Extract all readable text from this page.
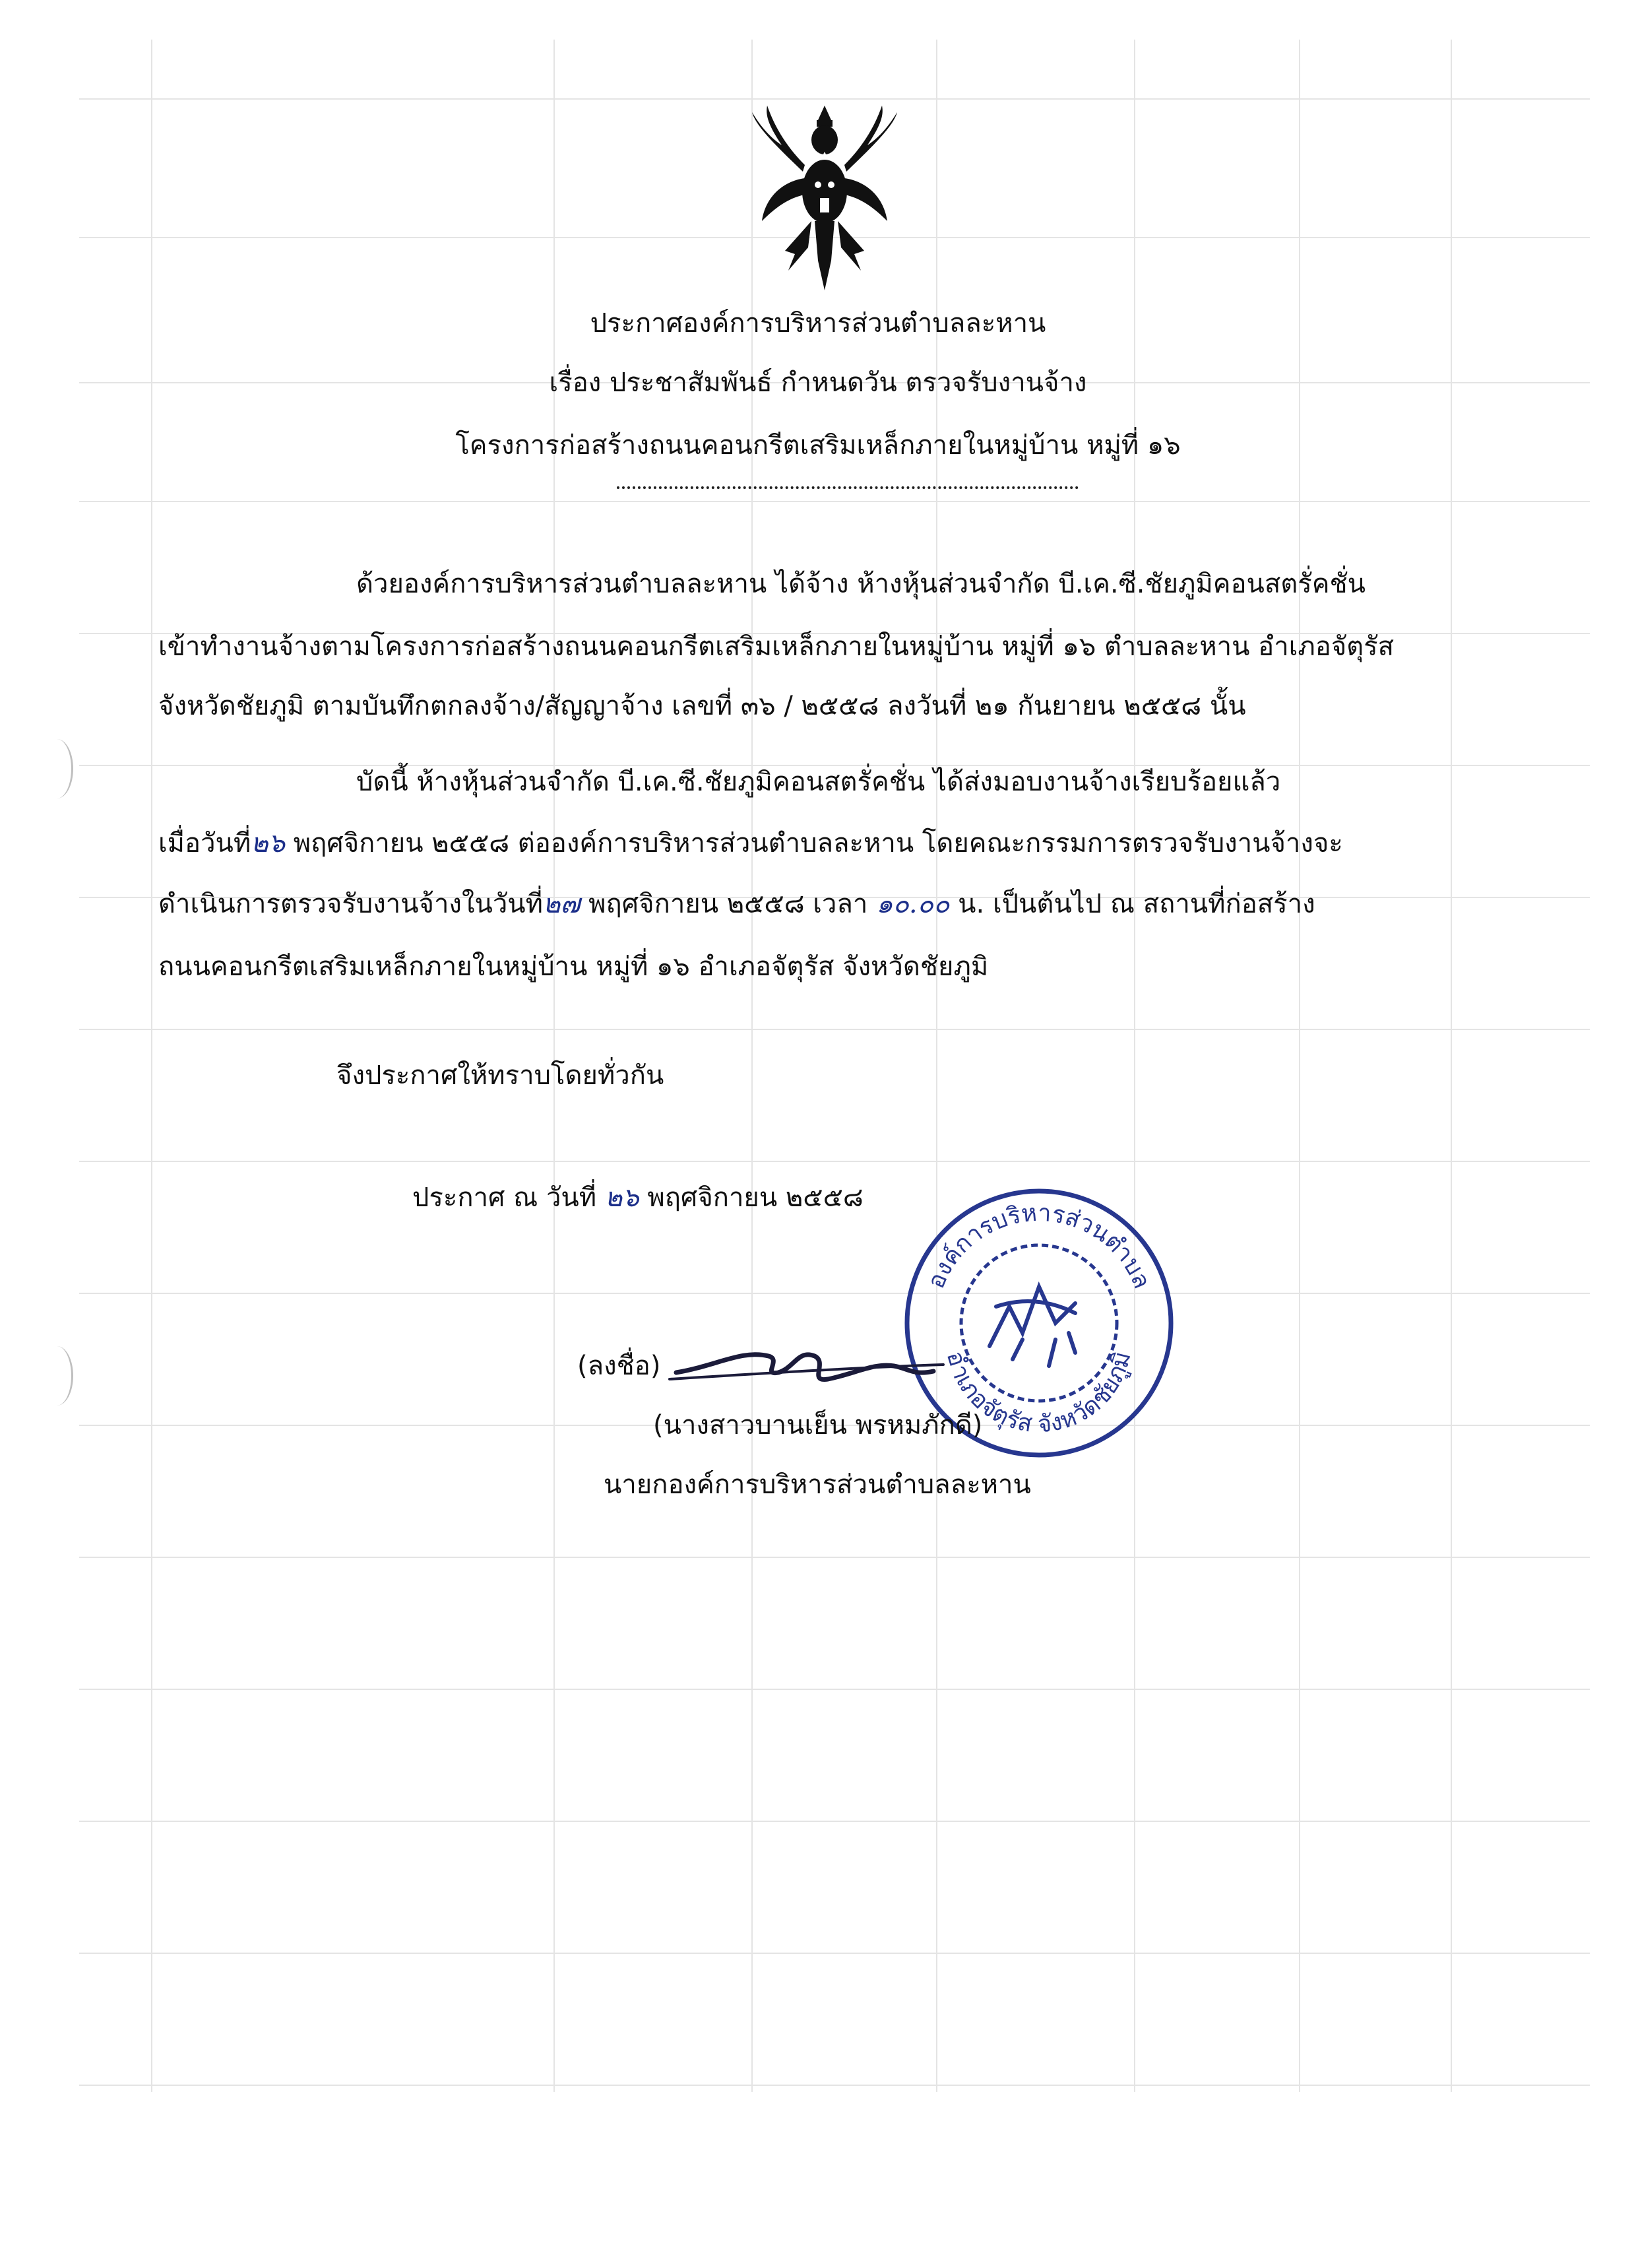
ประกาศองค์การบริหารส่วนตำบลละหาน
เรื่อง ประชาสัมพันธ์ กำหนดวัน ตรวจรับงานจ้าง
โครงการก่อสร้างถนนคอนกรีตเสริมเหล็กภายในหมู่บ้าน หมู่ที่ ๑๖
ด้วยองค์การบริหารส่วนตำบลละหาน ได้จ้าง ห้างหุ้นส่วนจำกัด บี.เค.ซี.ชัยภูมิคอนสตรั่คชั่น
เข้าทำงานจ้างตามโครงการก่อสร้างถนนคอนกรีตเสริมเหล็กภายในหมู่บ้าน หมู่ที่ ๑๖ ตำบลละหาน อำเภอจัตุรัส
จังหวัดชัยภูมิ ตามบันทึกตกลงจ้าง/สัญญาจ้าง เลขที่ ๓๖ / ๒๕๕๘ ลงวันที่ ๒๑ กันยายน ๒๕๕๘ นั้น
บัดนี้ ห้างหุ้นส่วนจำกัด บี.เค.ซี.ชัยภูมิคอนสตรั่คชั่น ได้ส่งมอบงานจ้างเรียบร้อยแล้ว
เมื่อวันที่๒๖ พฤศจิกายน ๒๕๕๘ ต่อองค์การบริหารส่วนตำบลละหาน โดยคณะกรรมการตรวจรับงานจ้างจะ
ดำเนินการตรวจรับงานจ้างในวันที่๒๗ พฤศจิกายน ๒๕๕๘ เวลา ๑๐.๐๐ น. เป็นต้นไป ณ สถานที่ก่อสร้าง
ถนนคอนกรีตเสริมเหล็กภายในหมู่บ้าน หมู่ที่ ๑๖ อำเภอจัตุรัส จังหวัดชัยภูมิ
จึงประกาศให้ทราบโดยทั่วกัน
ประกาศ ณ วันที่ ๒๖ พฤศจิกายน ๒๕๕๘
องค์การบริหารส่วนตำบล
อำเภอจัตุรัส จังหวัดชัยภูมิ
(ลงชื่อ)
(นางสาวบานเย็น พรหมภักดี)
นายกองค์การบริหารส่วนตำบลละหาน
